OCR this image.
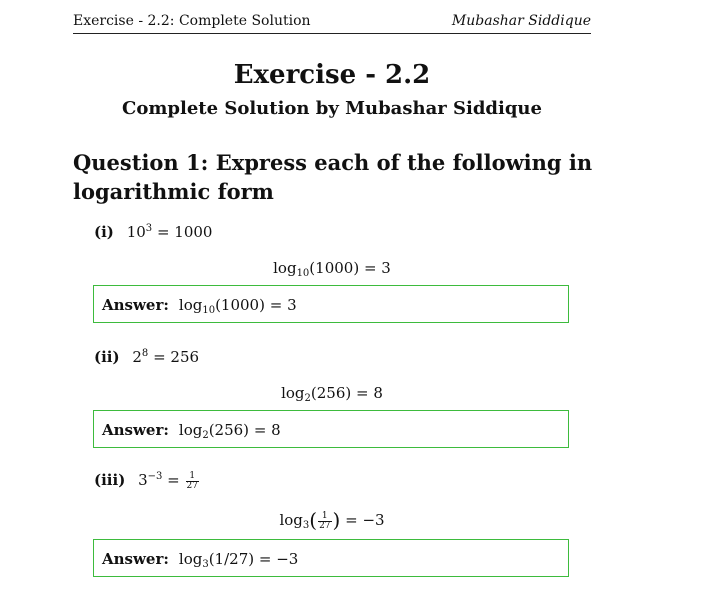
Exercise - 2.2: Complete Solution	Mubashar Siddique
Exercise - 2.2
Complete Solution by Mubashar Siddique
Question 1: Express each of the following in logarithmic form
(i) $10^3 = 1000$
$\log_{10}(1000) = 3$
Answer: $\log_{10}(1000) = 3$
(ii) $2^8 = 256$
$\log_2(256) = 8$
Answer: $\log_2(256) = 8$
(iii) $3^{-3} = \frac{1}{27}$
$\log_3( \frac{1}{27}$ ) = −3
Answer: $\log_3(1/27) = -3$
